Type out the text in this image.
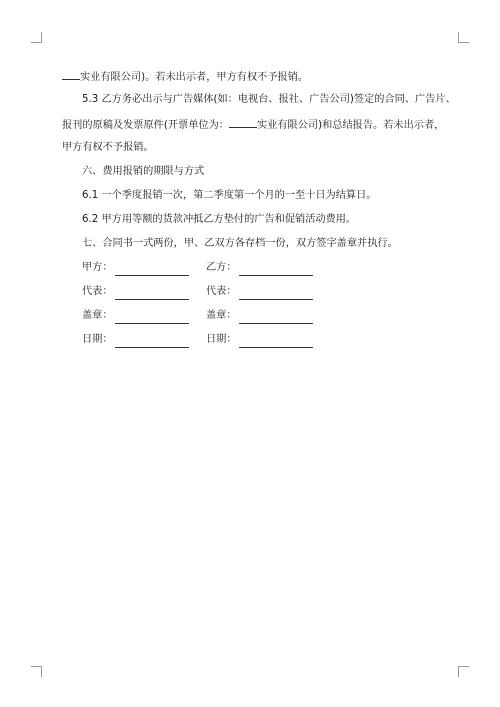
实业有限公司)。若未出示者，甲方有权不予报销。
5.3 乙方务必出示与广告媒体(如：电视台、报社、广告公司)签定的合同、广告片、
报刊的原稿及发票原件(开票单位为：	实业有限公司)和总结报告。若未出示者，
甲方有权不予报销。
六、费用报销的期限与方式
6.1 一个季度报销一次，第二季度第一个月的一至十日为结算日。
6.2 甲方用等额的货款冲抵乙方垫付的广告和促销活动费用。
七、合同书一式两份，甲、乙双方各存档一份，双方签字盖章并执行。
甲方：	乙方：
代表：	代表：
盖章：	盖章：
日期：	日期：
